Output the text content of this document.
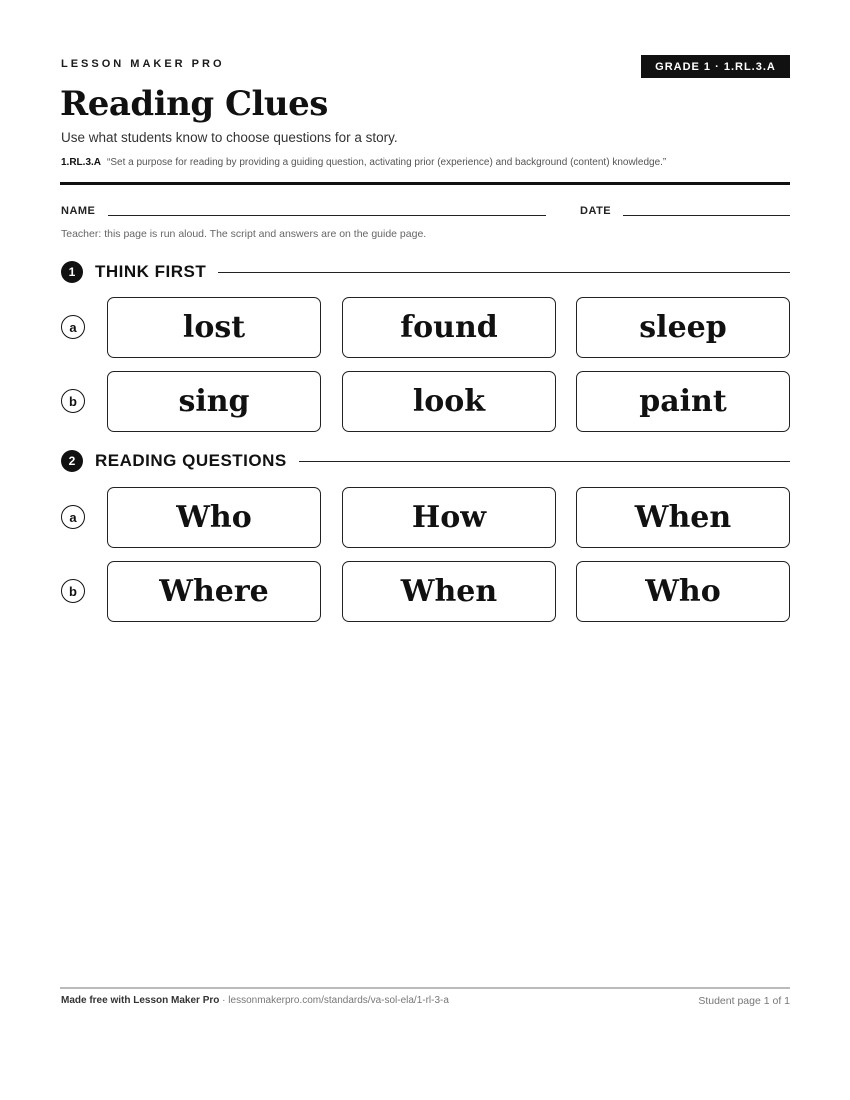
LESSON MAKER PRO	GRADE 1 · 1.RL.3.A
Reading Clues
Use what students know to choose questions for a story.
1.RL.3.A “Set a purpose for reading by providing a guiding question, activating prior (experience) and background (content) knowledge.”
NAME	DATE
Teacher: this page is run aloud. The script and answers are on the guide page.
1	THINK FIRST
a	lost	found	sleep
b	sing	look	paint
2	READING QUESTIONS
a	Who	How	When
b	Where	When	Who
Made free with Lesson Maker Pro · lessonmakerpro.com/standards/va-sol-ela/1-rl-3-a	Student page 1 of 1
